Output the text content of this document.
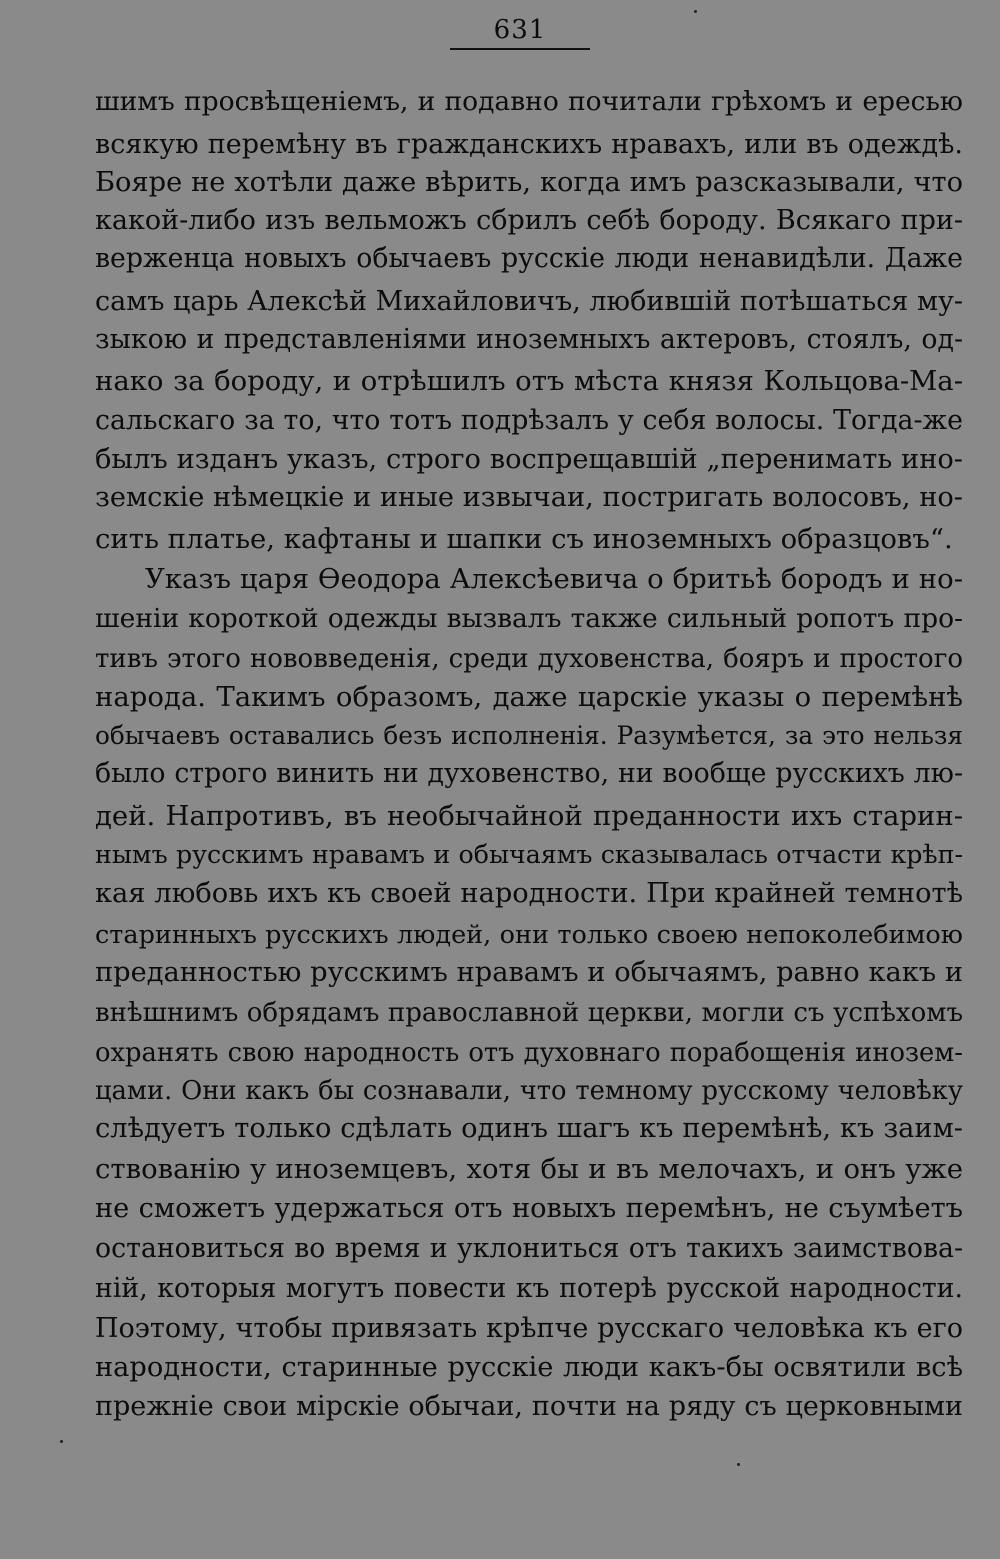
631
шимъ просвѣщеніемъ, и подавно почитали грѣхомъ и ересью
всякую перемѣну въ гражданскихъ нравахъ, или въ одеждѣ.
Бояре не хотѣли даже вѣрить, когда имъ разсказывали, что
какой-либо изъ вельможъ сбрилъ себѣ бороду. Всякаго при-
верженца новыхъ обычаевъ русскіе люди ненавидѣли. Даже
самъ царь Алексѣй Михайловичъ, любившій потѣшаться му-
зыкою и представленіями иноземныхъ актеровъ, стоялъ, од-
нако за бороду, и отрѣшилъ отъ мѣста князя Кольцова-Ма-
сальскаго за то, что тотъ подрѣзалъ у себя волосы. Тогда-же
былъ изданъ указъ, строго воспрещавшій „перенимать ино-
земскіе нѣмецкіе и иные извычаи, постригать волосовъ, но-
сить платье, кафтаны и шапки съ иноземныхъ образцовъ“.
Указъ царя Ѳеодора Алексѣевича о бритьѣ бородъ и но-
шеніи короткой одежды вызвалъ также сильный ропотъ про-
тивъ этого нововведенія, среди духовенства, бояръ и простого
народа. Такимъ образомъ, даже царскіе указы о перемѣнѣ
обычаевъ оставались безъ исполненія. Разумѣется, за это нельзя
было строго винить ни духовенство, ни вообще русскихъ лю-
дей. Напротивъ, въ необычайной преданности ихъ старин-
нымъ русскимъ нравамъ и обычаямъ сказывалась отчасти крѣп-
кая любовь ихъ къ своей народности. При крайней темнотѣ
старинныхъ русскихъ людей, они только своею непоколебимою
преданностью русскимъ нравамъ и обычаямъ, равно какъ и
внѣшнимъ обрядамъ православной церкви, могли съ успѣхомъ
охранять свою народность отъ духовнаго порабощенія инозем-
цами. Они какъ бы сознавали, что темному русскому человѣку
слѣдуетъ только сдѣлать одинъ шагъ къ перемѣнѣ, къ заим-
ствованію у иноземцевъ, хотя бы и въ мелочахъ, и онъ уже
не сможетъ удержаться отъ новыхъ перемѣнъ, не съумѣетъ
остановиться во время и уклониться отъ такихъ заимствова-
ній, которыя могутъ повести къ потерѣ русской народности.
Поэтому, чтобы привязать крѣпче русскаго человѣка къ его
народности, старинные русскіе люди какъ-бы освятили всѣ
прежніе свои мірскіе обычаи, почти на ряду съ церковными
